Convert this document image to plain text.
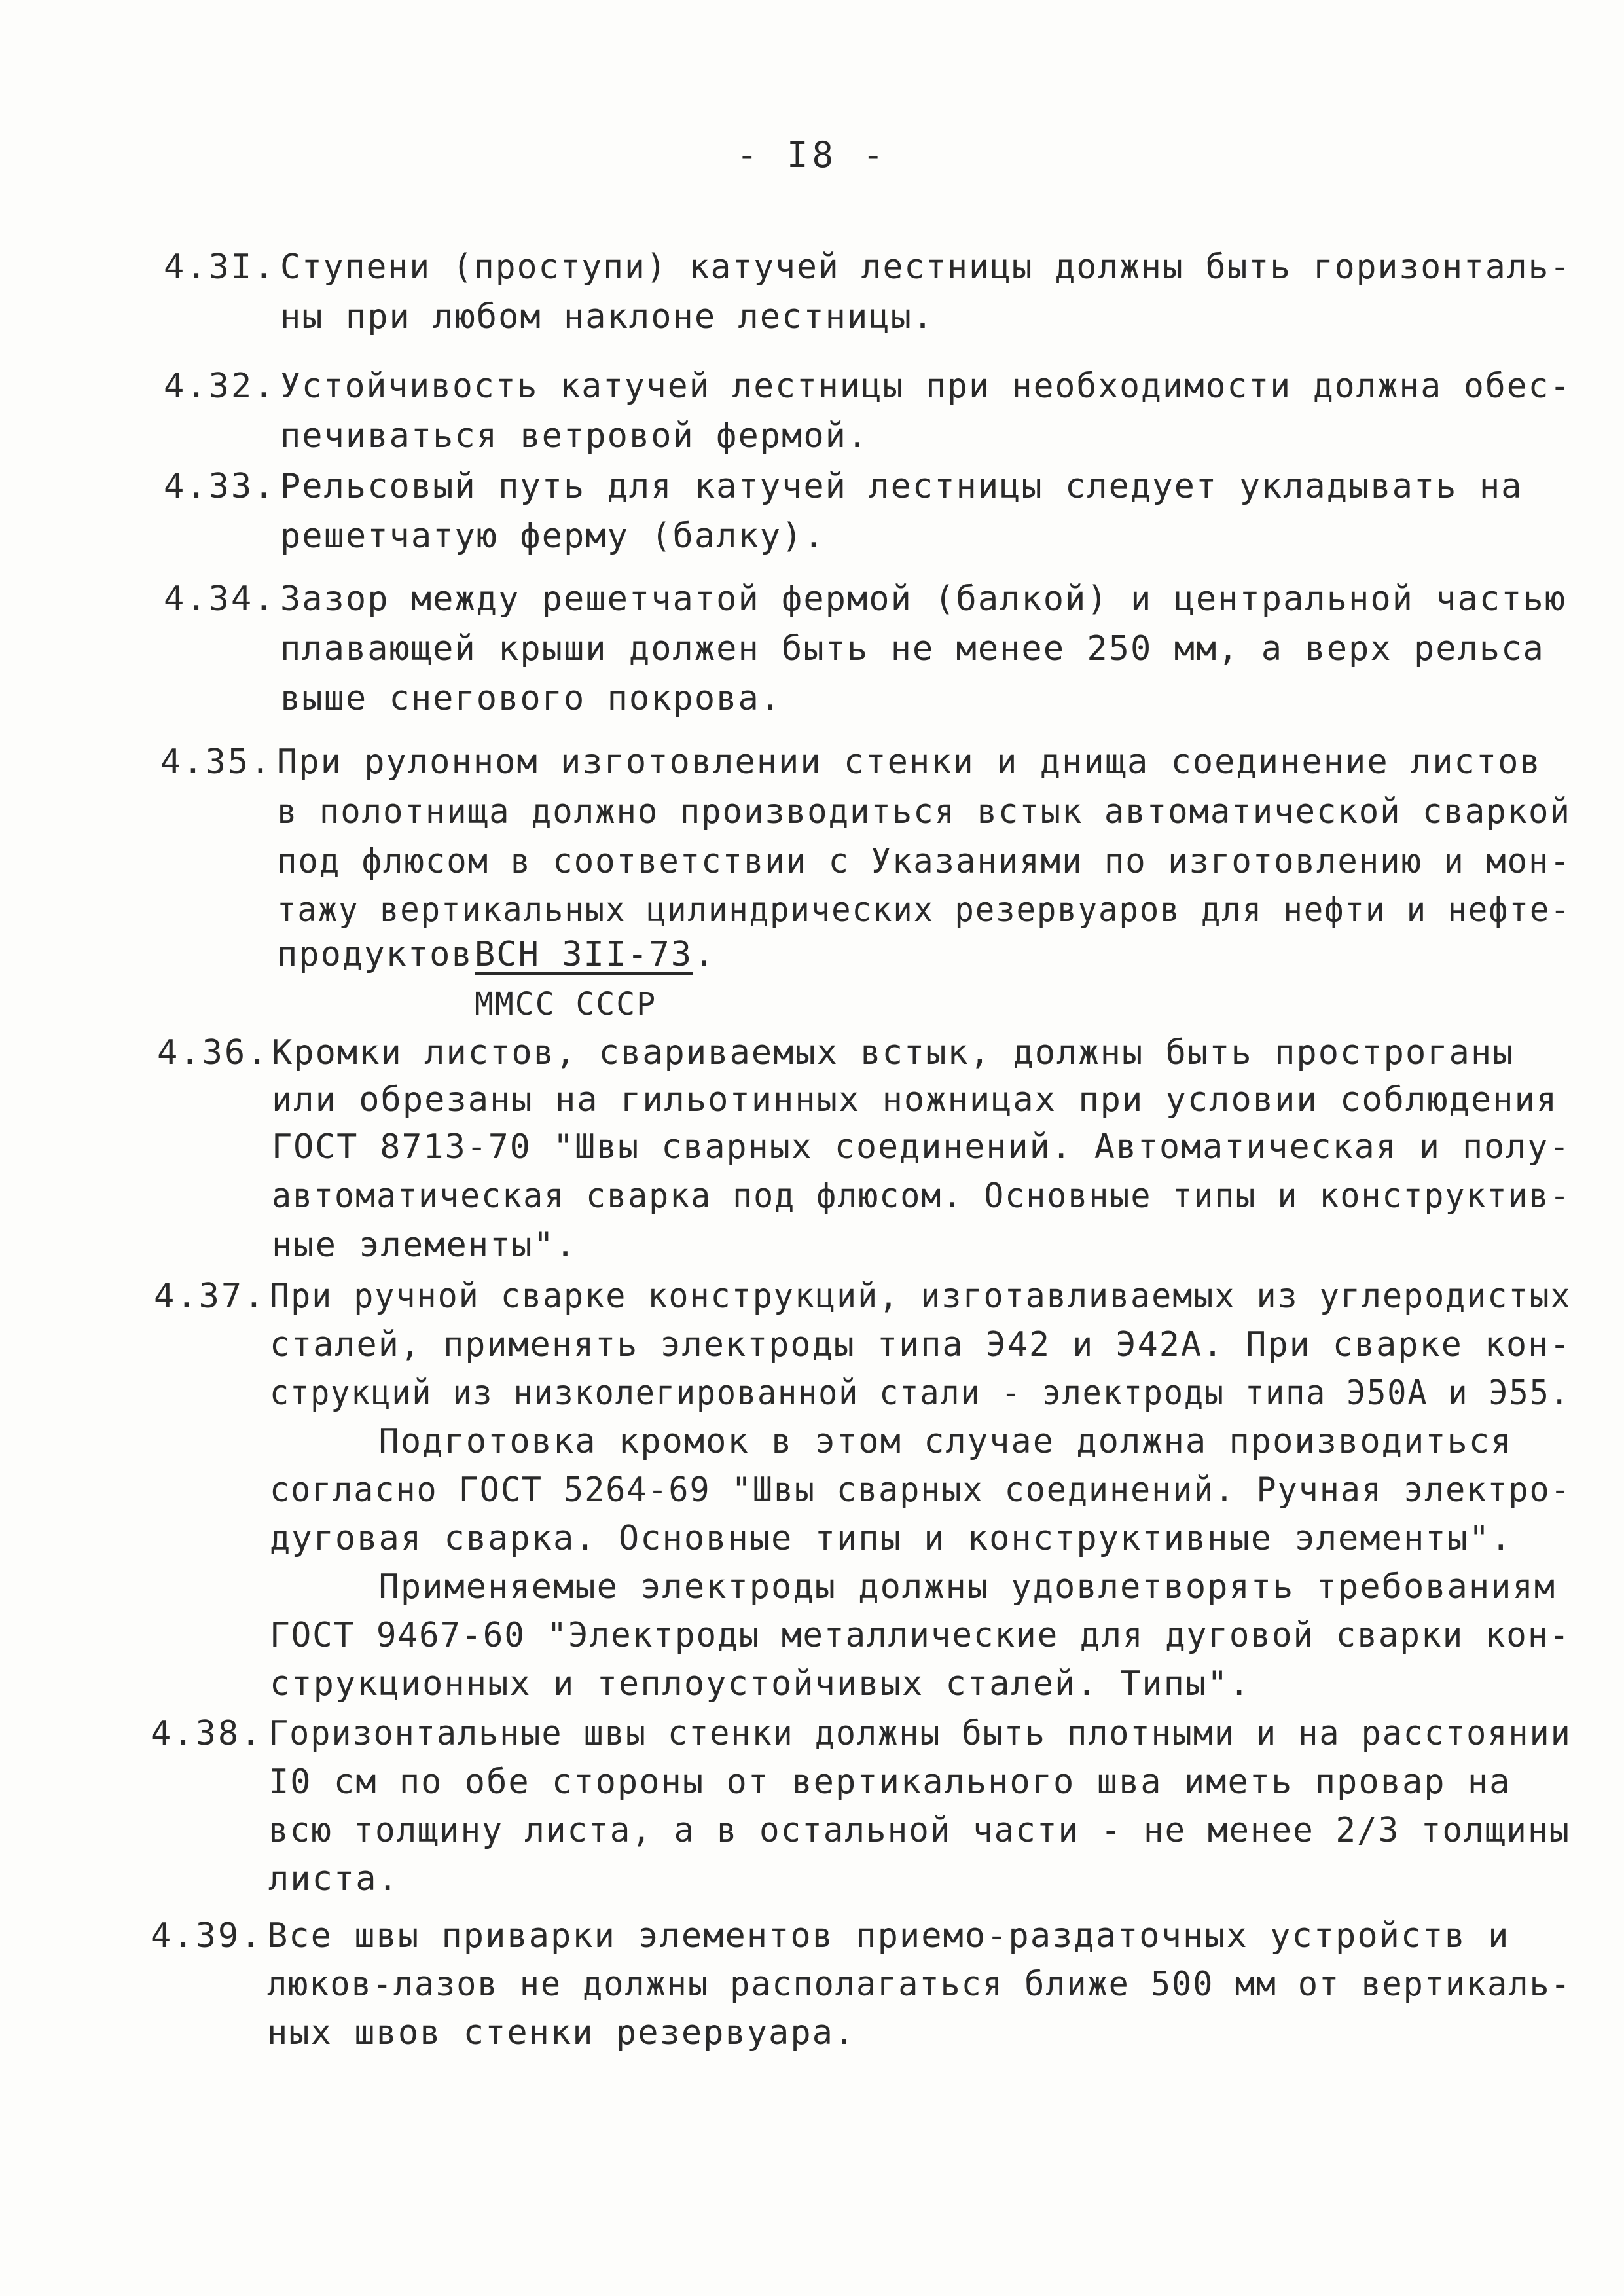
- I8 -
4.3I. Ступени (проступи) катучей лестницы должны быть горизонталь-
ны при любом наклоне лестницы.
4.32. Устойчивость катучей лестницы при необходимости должна обес-
печиваться ветровой фермой.
4.33. Рельсовый путь для катучей лестницы следует укладывать на
решетчатую ферму (балку).
4.34. Зазор между решетчатой фермой (балкой) и центральной частью
плавающей крыши должен быть не менее 250 мм, а верх рельса
выше снегового покрова.
4.35. При рулонном изготовлении стенки и днища соединение листов
в полотнища должно производиться встык автоматической сваркой
под флюсом в соответствии с Указаниями по изготовлению и мон-
тажу вертикальных цилиндрических резервуаров для нефти и нефте-
продуктов ВСН 3II-73 .
ММСС СССР
4.36. Кромки листов, свариваемых встык, должны быть прострoганы
или обрезаны на гильотинных ножницах при условии соблюдения
ГОСТ 8713-70 "Швы сварных соединений. Автоматическая и полу-
автоматическая сварка под флюсом. Основные типы и конструктив-
ные элементы".
4.37. При ручной сварке конструкций, изготавливаемых из углеродистых
сталей, применять электроды типа Э42 и Э42А. При сварке кон-
струкций из низколегированной стали - электроды типа Э50А и Э55.
Подготовка кромок в этом случае должна производиться
согласно ГОСТ 5264-69 "Швы сварных соединений. Ручная электро-
дуговая сварка. Основные типы и конструктивные элементы".
Применяемые электроды должны удовлетворять требованиям
ГОСТ 9467-60 "Электроды металлические для дуговой сварки кон-
струкционных и теплоустойчивых сталей. Типы".
4.38. Горизонтальные швы стенки должны быть плотными и на расстоянии
I0 см по обе стороны от вертикального шва иметь провар на
всю толщину листа, а в остальной части - не менее 2/3 толщины
листа.
4.39. Все швы приварки элементов приемо-раздаточных устройств и
люков-лазов не должны располагаться ближе 500 мм от вертикаль-
ных швов стенки резервуара.
